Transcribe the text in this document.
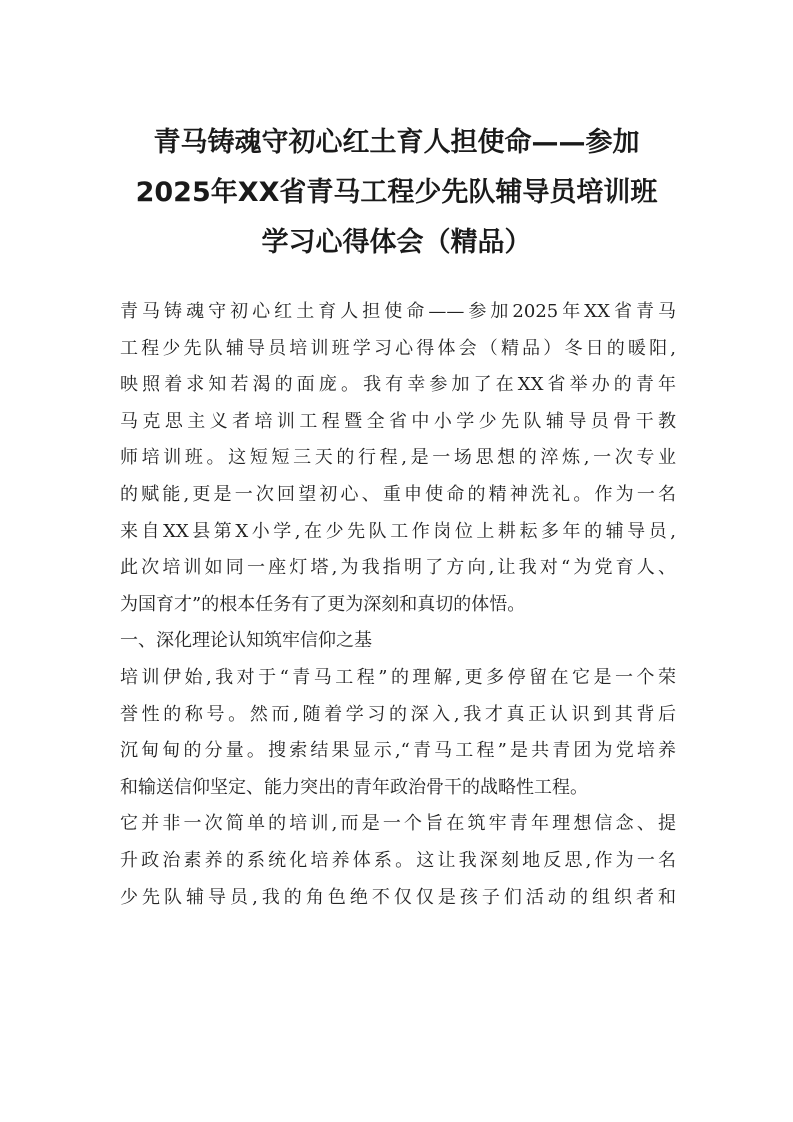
青马铸魂守初心红土育人担使命——参加
2025年XX省青马工程少先队辅导员培训班
学习心得体会（精品）
青马铸魂守初心红土育人担使命——参加2025年XX省青马
工程少先队辅导员培训班学习心得体会（精品）冬日的暖阳,
映照着求知若渴的面庞。我有幸参加了在XX省举办的青年
马克思主义者培训工程暨全省中小学少先队辅导员骨干教
师培训班。这短短三天的行程,是一场思想的淬炼,一次专业
的赋能,更是一次回望初心、重申使命的精神洗礼。作为一名
来自XX县第X小学,在少先队工作岗位上耕耘多年的辅导员,
此次培训如同一座灯塔,为我指明了方向,让我对“为党育人、
为国育才”的根本任务有了更为深刻和真切的体悟。
一、深化理论认知筑牢信仰之基
培训伊始,我对于“青马工程”的理解,更多停留在它是一个荣
誉性的称号。然而,随着学习的深入,我才真正认识到其背后
沉甸甸的分量。搜索结果显示,“青马工程”是共青团为党培养
和输送信仰坚定、能力突出的青年政治骨干的战略性工程。
它并非一次简单的培训,而是一个旨在筑牢青年理想信念、提
升政治素养的系统化培养体系。这让我深刻地反思,作为一名
少先队辅导员,我的角色绝不仅仅是孩子们活动的组织者和
